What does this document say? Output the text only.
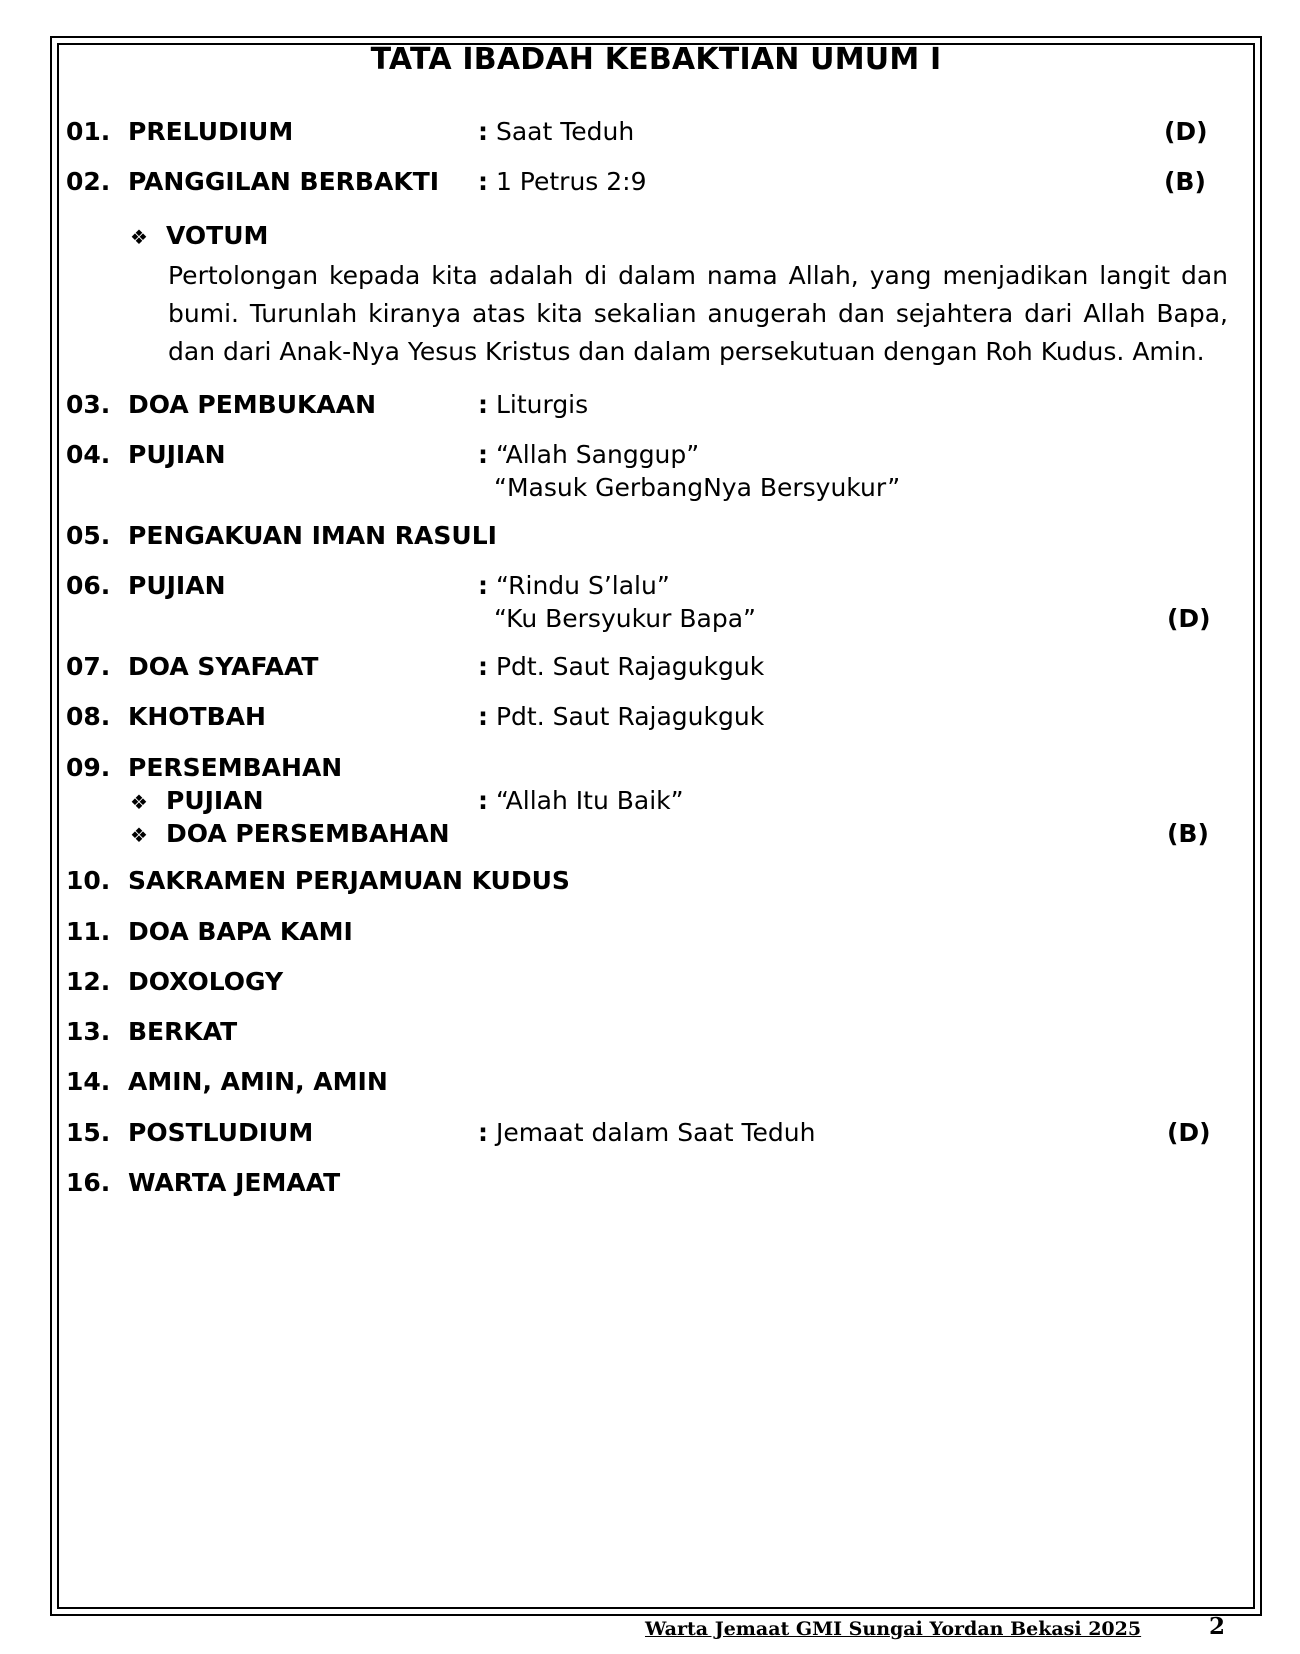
TATA IBADAH KEBAKTIAN UMUM I
01. PRELUDIUM	: Saat Teduh	(D)
02. PANGGILAN BERBAKTI : 1 Petrus 2:9	(B)
❖ VOTUM
Pertolongan kepada kita adalah di dalam nama Allah, yang menjadikan langit dan bumi. Turunlah kiranya atas kita sekalian anugerah dan sejahtera dari Allah Bapa, dan dari Anak-Nya Yesus Kristus dan dalam persekutuan dengan Roh Kudus. Amin.
03. DOA PEMBUKAAN	: Liturgis
04. PUJIAN	: “Allah Sanggup”
“Masuk GerbangNya Bersyukur”
05. PENGAKUAN IMAN RASULI
06. PUJIAN	: “Rindu S’lalu”
“Ku Bersyukur Bapa”	(D)
07. DOA SYAFAAT	: Pdt. Saut Rajagukguk
08. KHOTBAH	: Pdt. Saut Rajagukguk
09. PERSEMBAHAN
❖ PUJIAN	: “Allah Itu Baik”
❖ DOA PERSEMBAHAN	(B)
10. SAKRAMEN PERJAMUAN KUDUS
11. DOA BAPA KAMI
12. DOXOLOGY
13. BERKAT
14. AMIN, AMIN, AMIN
15. POSTLUDIUM	: Jemaat dalam Saat Teduh	(D)
16. WARTA JEMAAT
Warta Jemaat GMI Sungai Yordan Bekasi 2025	2
